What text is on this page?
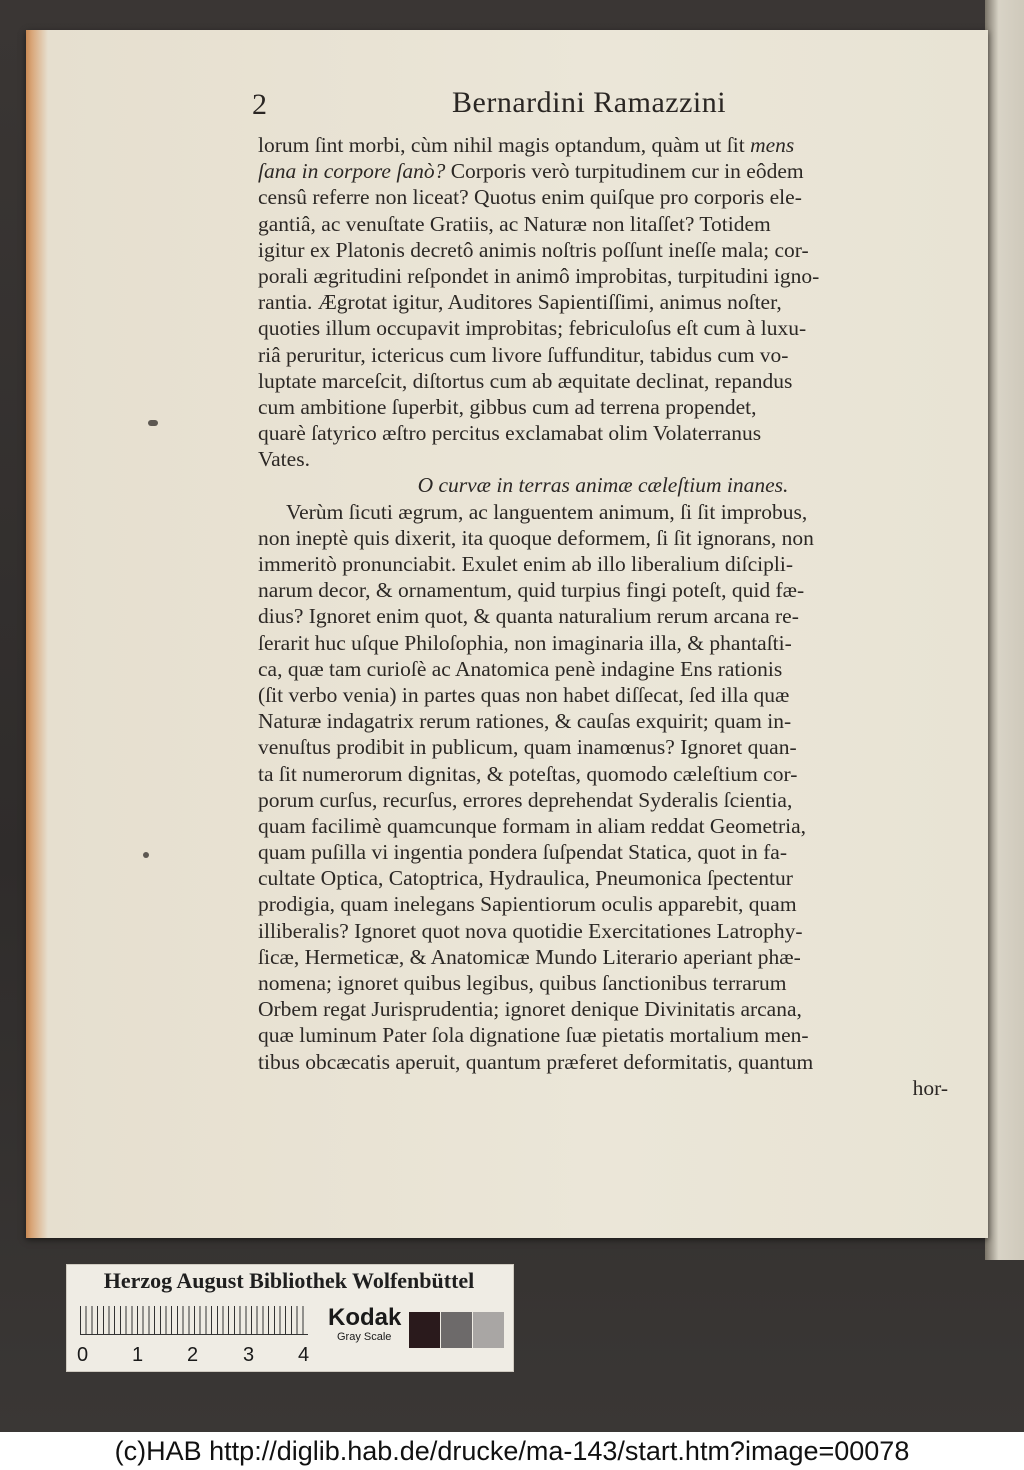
2	Bernardini Ramazzini
lorum ſint morbi, cùm nihil magis optandum, quàm ut ſit mens
ſana in corpore ſanò? Corporis verò turpitudinem cur in eôdem
censû referre non liceat? Quotus enim quiſque pro corporis ele-
gantiâ, ac venuſtate Gratiis, ac Naturæ non litaſſet? Totidem
igitur ex Platonis decretô animis noſtris poſſunt ineſſe mala; cor-
porali ægritudini reſpondet in animô improbitas, turpitudini igno-
rantia. Ægrotat igitur, Auditores Sapientiſſimi, animus noſter,
quoties illum occupavit improbitas; febriculoſus eſt cum à luxu-
riâ peruritur, ictericus cum livore ſuffunditur, tabidus cum vo-
luptate marceſcit, diſtortus cum ab æquitate declinat, repandus
cum ambitione ſuperbit, gibbus cum ad terrena propendet,
quarè ſatyrico æſtro percitus exclamabat olim Volaterranus
Vates.
O curvæ in terras animæ cæleſtium inanes.
Verùm ſicuti ægrum, ac languentem animum, ſi ſit improbus,
non ineptè quis dixerit, ita quoque deformem, ſi ſit ignorans, non
immeritò pronunciabit. Exulet enim ab illo liberalium diſcipli-
narum decor, & ornamentum, quid turpius fingi poteſt, quid fæ-
dius? Ignoret enim quot, & quanta naturalium rerum arcana re-
ſerarit huc uſque Philoſophia, non imaginaria illa, & phantaſti-
ca, quæ tam curioſè ac Anatomica penè indagine Ens rationis
(ſit verbo venia) in partes quas non habet diſſecat, ſed illa quæ
Naturæ indagatrix rerum rationes, & cauſas exquirit; quam in-
venuſtus prodibit in publicum, quam inamœnus? Ignoret quan-
ta ſit numerorum dignitas, & poteſtas, quomodo cæleſtium cor-
porum curſus, recurſus, errores deprehendat Syderalis ſcientia,
quam facilimè quamcunque formam in aliam reddat Geometria,
quam puſilla vi ingentia pondera ſuſpendat Statica, quot in fa-
cultate Optica, Catoptrica, Hydraulica, Pneumonica ſpectentur
prodigia, quam inelegans Sapientiorum oculis apparebit, quam
illiberalis? Ignoret quot nova quotidie Exercitationes Latrophy-
ſicæ, Hermeticæ, & Anatomicæ Mundo Literario aperiant phæ-
nomena; ignoret quibus legibus, quibus ſanctionibus terrarum
Orbem regat Jurisprudentia; ignoret denique Divinitatis arcana,
quæ luminum Pater ſola dignatione ſuæ pietatis mortalium men-
tibus obcæcatis aperuit, quantum præferet deformitatis, quantum
hor-
Herzog August Bibliothek Wolfenbüttel
0 1 2 3 4
Kodak
Gray Scale
(c)HAB http://diglib.hab.de/drucke/ma-143/start.htm?image=00078
